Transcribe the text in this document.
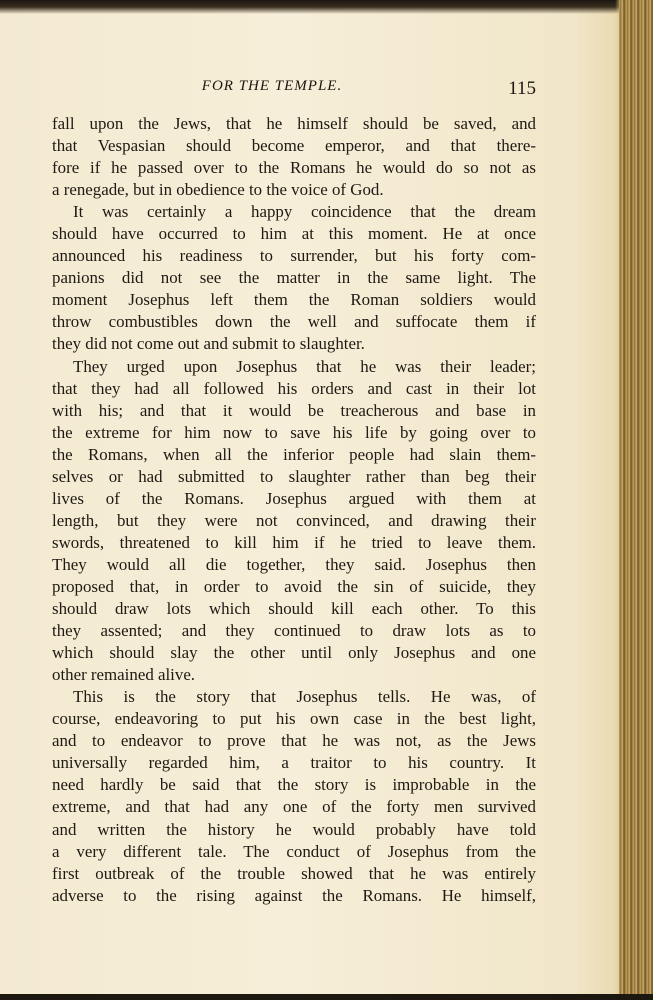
FOR THE TEMPLE.	115
fall upon the Jews, that he himself should be saved, and
that Vespasian should become emperor, and that there-
fore if he passed over to the Romans he would do so not as
a renegade, but in obedience to the voice of God.
It was certainly a happy coincidence that the dream
should have occurred to him at this moment. He at once
announced his readiness to surrender, but his forty com-
panions did not see the matter in the same light. The
moment Josephus left them the Roman soldiers would
throw combustibles down the well and suffocate them if
they did not come out and submit to slaughter.
They urged upon Josephus that he was their leader;
that they had all followed his orders and cast in their lot
with his; and that it would be treacherous and base in
the extreme for him now to save his life by going over to
the Romans, when all the inferior people had slain them-
selves or had submitted to slaughter rather than beg their
lives of the Romans. Josephus argued with them at
length, but they were not convinced, and drawing their
swords, threatened to kill him if he tried to leave them.
They would all die together, they said. Josephus then
proposed that, in order to avoid the sin of suicide, they
should draw lots which should kill each other. To this
they assented; and they continued to draw lots as to
which should slay the other until only Josephus and one
other remained alive.
This is the story that Josephus tells. He was, of
course, endeavoring to put his own case in the best light,
and to endeavor to prove that he was not, as the Jews
universally regarded him, a traitor to his country. It
need hardly be said that the story is improbable in the
extreme, and that had any one of the forty men survived
and written the history he would probably have told
a very different tale. The conduct of Josephus from the
first outbreak of the trouble showed that he was entirely
adverse to the rising against the Romans. He himself,
